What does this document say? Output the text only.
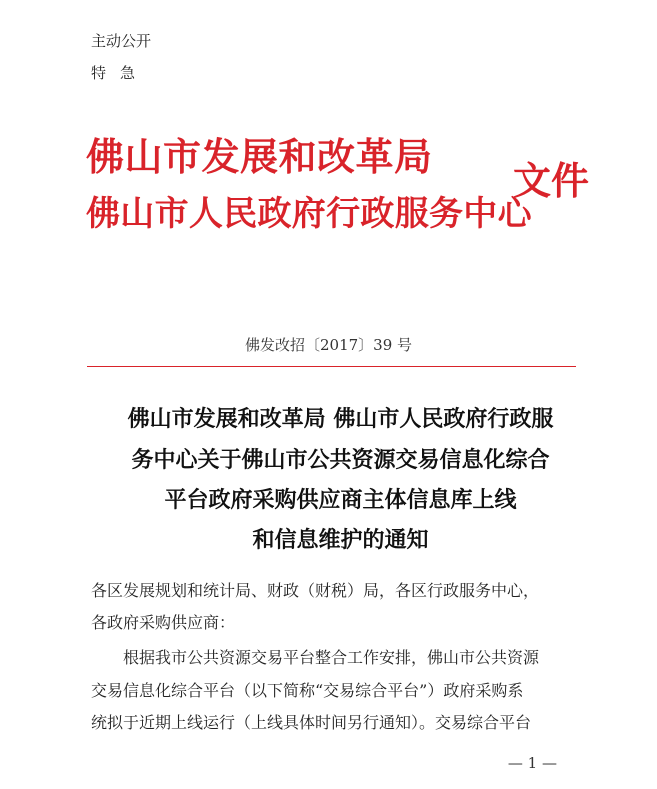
主动公开
特急
佛山市发展和改革局
佛山市人民政府行政服务中心
文件
佛发改招〔2017〕39 号
佛山市发展和改革局 佛山市人民政府行政服
务中心关于佛山市公共资源交易信息化综合
平台政府采购供应商主体信息库上线
和信息维护的通知
各区发展规划和统计局、财政（财税）局，各区行政服务中心，
各政府采购供应商：
根据我市公共资源交易平台整合工作安排，佛山市公共资源
交易信息化综合平台（以下简称“交易综合平台”）政府采购系
统拟于近期上线运行（上线具体时间另行通知）。交易综合平台
— 1 —
